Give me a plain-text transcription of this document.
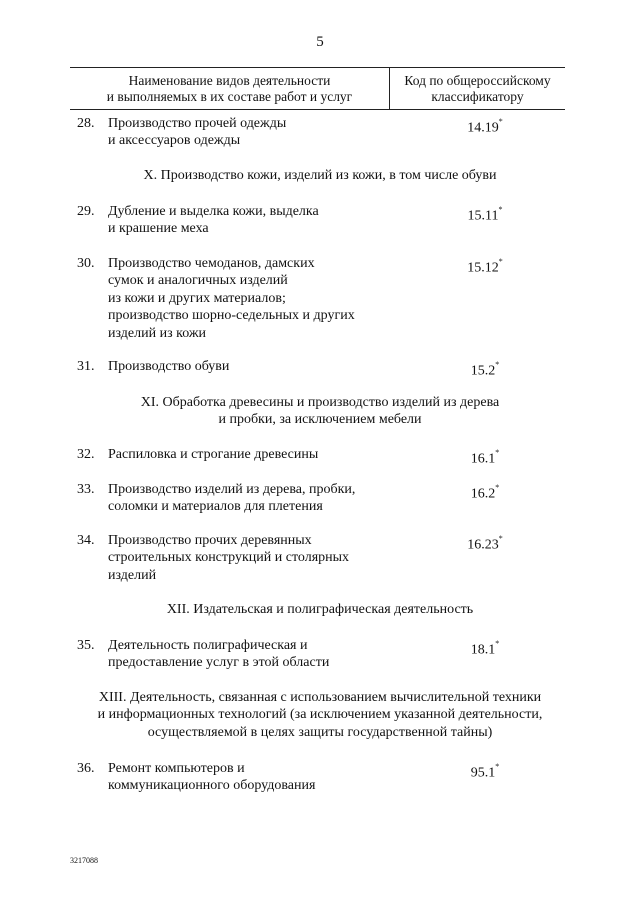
5
Наименование видов деятельности
и выполняемых в их составе работ и услуг
Код по общероссийскому
классификатору
28. Производство прочей одежды
и аксессуаров одежды
14.19*
X. Производство кожи, изделий из кожи, в том числе обуви
29. Дубление и выделка кожи, выделка
и крашение меха
15.11*
30. Производство чемоданов, дамских
сумок и аналогичных изделий
из кожи и других материалов;
производство шорно-седельных и других
изделий из кожи
15.12*
31. Производство обуви	15.2*
XI. Обработка древесины и производство изделий из дерева
и пробки, за исключением мебели
32. Распиловка и строгание древесины	16.1*
33. Производство изделий из дерева, пробки,
соломки и материалов для плетения
16.2*
34. Производство прочих деревянных
строительных конструкций и столярных
изделий
16.23*
XII. Издательская и полиграфическая деятельность
35. Деятельность полиграфическая и
предоставление услуг в этой области
18.1*
XIII. Деятельность, связанная с использованием вычислительной техники
и информационных технологий (за исключением указанной деятельности,
осуществляемой в целях защиты государственной тайны)
36. Ремонт компьютеров и
коммуникационного оборудования
95.1*
3217088
